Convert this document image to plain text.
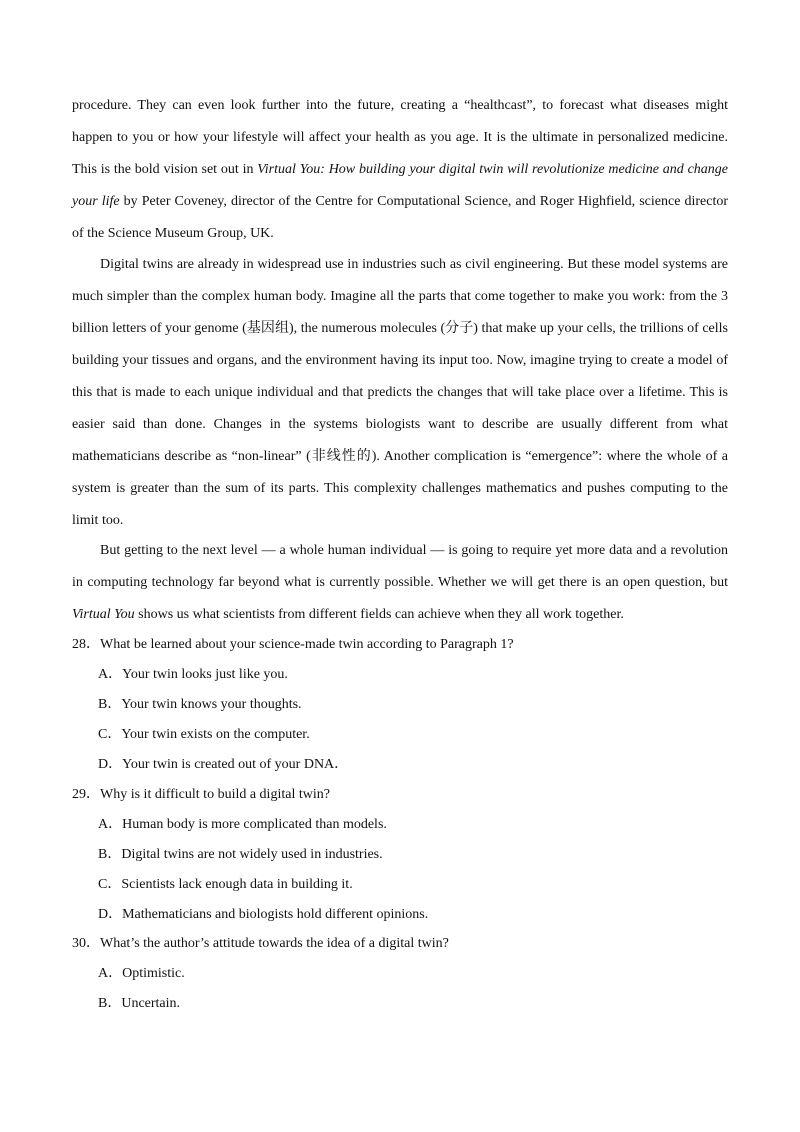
procedure. They can even look further into the future, creating a “healthcast”, to forecast what diseases might happen to you or how your lifestyle will affect your health as you age. It is the ultimate in personalized medicine. This is the bold vision set out in Virtual You: How building your digital twin will revolutionize medicine and change your life by Peter Coveney, director of the Centre for Computational Science, and Roger Highfield, science director of the Science Museum Group, UK.

Digital twins are already in widespread use in industries such as civil engineering. But these model systems are much simpler than the complex human body. Imagine all the parts that come together to make you work: from the 3 billion letters of your genome (基因组), the numerous molecules (分子) that make up your cells, the trillions of cells building your tissues and organs, and the environment having its input too. Now, imagine trying to create a model of this that is made to each unique individual and that predicts the changes that will take place over a lifetime. This is easier said than done. Changes in the systems biologists want to describe are usually different from what mathematicians describe as “non-linear” (非线性的). Another complication is “emergence”: where the whole of a system is greater than the sum of its parts. This complexity challenges mathematics and pushes computing to the limit too.

But getting to the next level — a whole human individual — is going to require yet more data and a revolution in computing technology far beyond what is currently possible. Whether we will get there is an open question, but Virtual You shows us what scientists from different fields can achieve when they all work together.

28．What be learned about your science-made twin according to Paragraph 1?

A．Your twin looks just like you.

B．Your twin knows your thoughts.

C．Your twin exists on the computer.

D．Your twin is created out of your DNA．

29．Why is it difficult to build a digital twin?

A．Human body is more complicated than models.

B．Digital twins are not widely used in industries.

C．Scientists lack enough data in building it.

D．Mathematicians and biologists hold different opinions.

30．What’s the author’s attitude towards the idea of a digital twin?

A．Optimistic.

B．Uncertain.
